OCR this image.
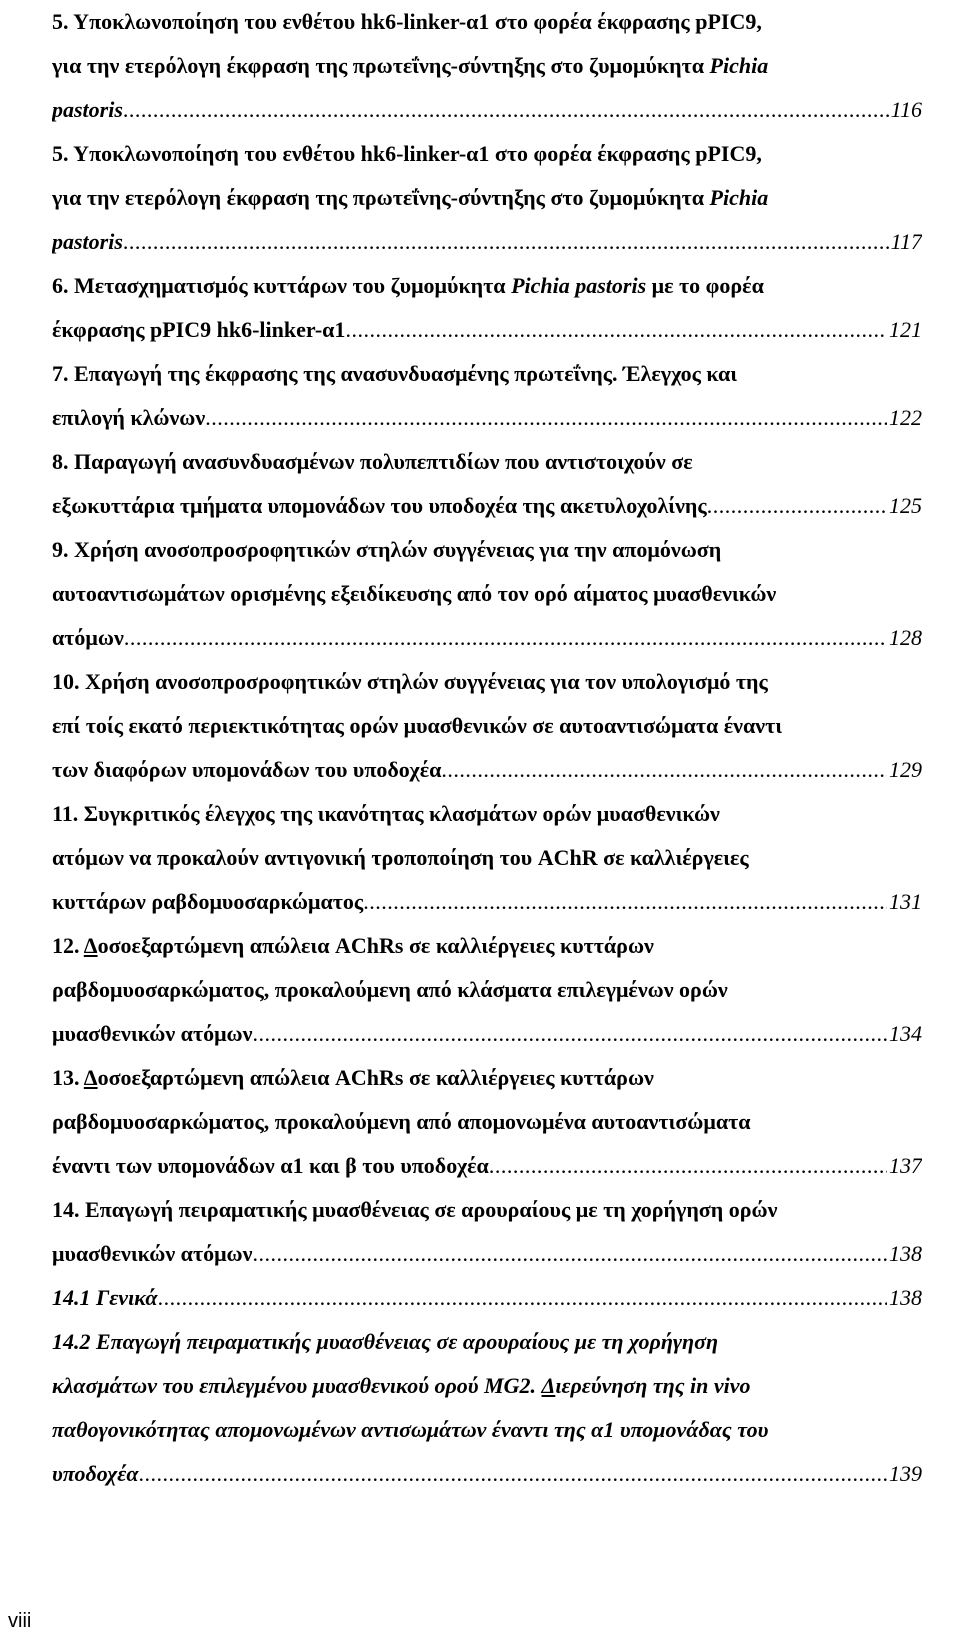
5. Υποκλωνοποίηση του ενθέτου hk6-linker-α1 στο φορέα έκφρασης pPIC9,
για την ετερόλογη έκφραση της πρωτεΐνης-σύντηξης στο ζυμομύκητα Pichia
pastoris .....	116
5. Υποκλωνοποίηση του ενθέτου hk6-linker-α1 στο φορέα έκφρασης pPIC9,
για την ετερόλογη έκφραση της πρωτεΐνης-σύντηξης στο ζυμομύκητα Pichia
pastoris .....	117
6. Μετασχηματισμός κυττάρων του ζυμομύκητα Pichia pastoris με το φορέα
έκφρασης pPIC9 hk6-linker-α1 .....	121
7. Επαγωγή της έκφρασης της ανασυνδυασμένης πρωτεΐνης. Έλεγχος και
επιλογή κλώνων .....	122
8. Παραγωγή ανασυνδυασμένων πολυπεπτιδίων που αντιστοιχούν σε
εξωκυττάρια τμήματα υπομονάδων του υποδοχέα της ακετυλοχολίνης .....	125
9. Χρήση ανοσοπροσροφητικών στηλών συγγένειας για την απομόνωση
αυτοαντισωμάτων ορισμένης εξειδίκευσης από τον ορό αίματος μυασθενικών
ατόμων .....	128
10. Χρήση ανοσοπροσροφητικών στηλών συγγένειας για τον υπολογισμό της
επί τοίς εκατό περιεκτικότητας ορών μυασθενικών σε αυτοαντισώματα έναντι
των διαφόρων υπομονάδων του υποδοχέα .....	129
11. Συγκριτικός έλεγχος της ικανότητας κλασμάτων ορών μυασθενικών
ατόμων να προκαλούν αντιγονική τροποποίηση του AChR σε καλλιέργειες
κυττάρων ραβδομυοσαρκώματος .....	131
12. Δοσοεξαρτώμενη απώλεια AChRs σε καλλιέργειες κυττάρων
ραβδομυοσαρκώματος, προκαλούμενη από κλάσματα επιλεγμένων ορών
μυασθενικών ατόμων .....	134
13. Δοσοεξαρτώμενη απώλεια AChRs σε καλλιέργειες κυττάρων
ραβδομυοσαρκώματος, προκαλούμενη από απομονωμένα αυτοαντισώματα
έναντι των υπομονάδων α1 και β του υποδοχέα .....	137
14. Επαγωγή πειραματικής μυασθένειας σε αρουραίους με τη χορήγηση ορών
μυασθενικών ατόμων .....	138
14.1 Γενικά .....	138
14.2 Επαγωγή πειραματικής μυασθένειας σε αρουραίους με τη χορήγηση
κλασμάτων του επιλεγμένου μυασθενικού ορού MG2. Διερεύνηση της in vivo
παθογονικότητας απομονωμένων αντισωμάτων έναντι της α1 υπομονάδας του
υποδοχέα .....	139
viii
